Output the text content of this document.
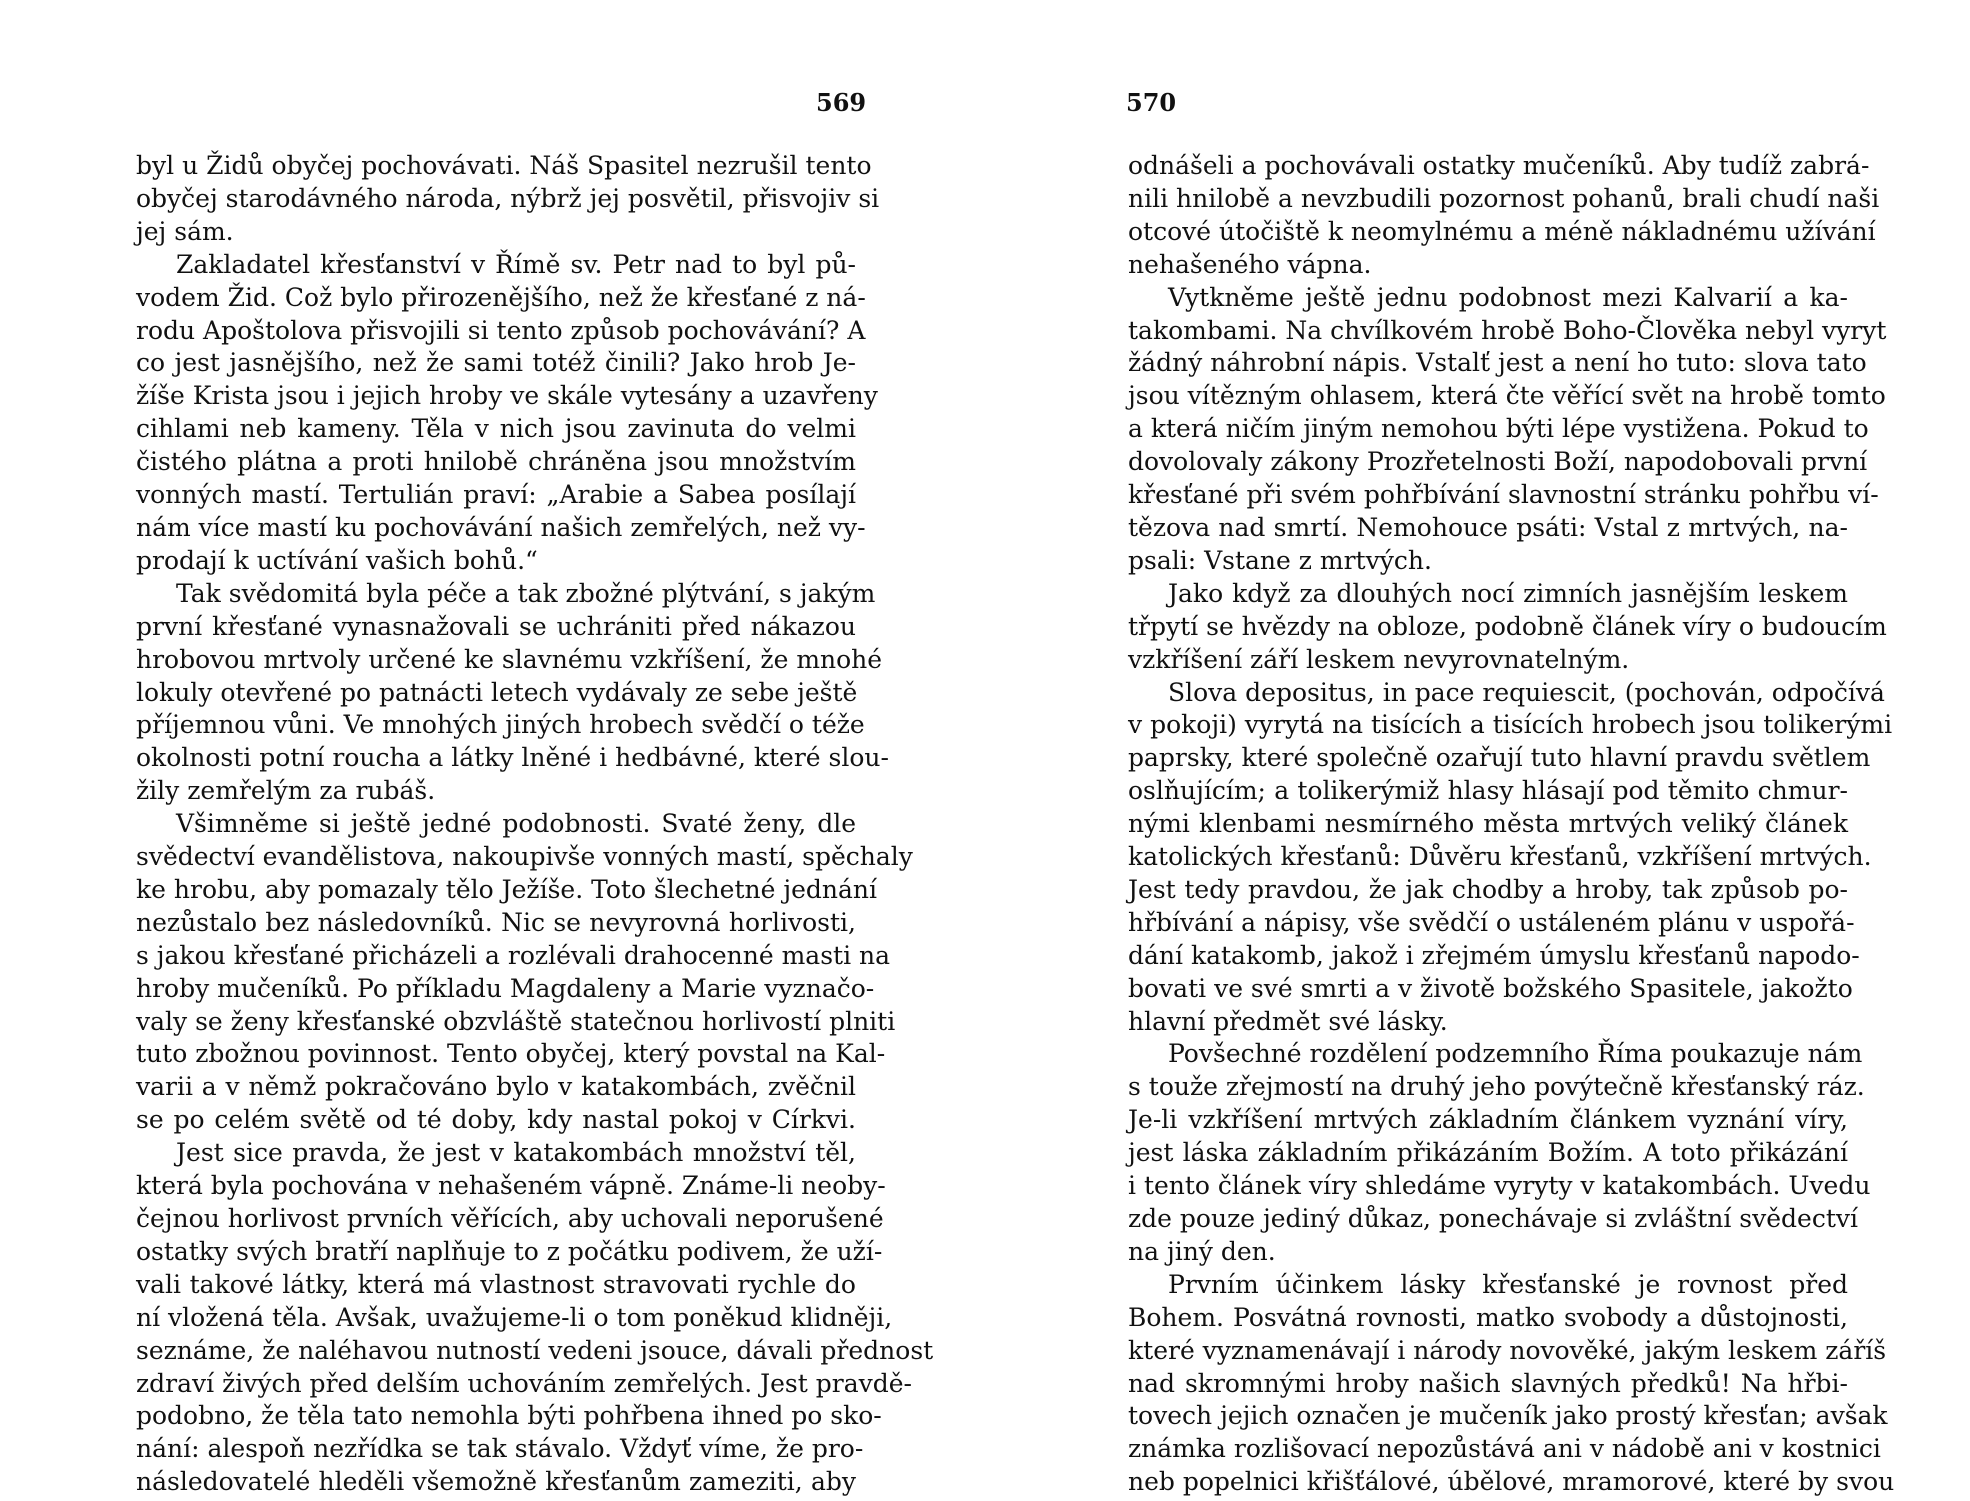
569
byl u Židů obyčej pochovávati. Náš Spasitel nezrušil tento
obyčej starodávného národa, nýbrž jej posvětil, přisvojiv si
jej sám.
Zakladatel křesťanství v Římě sv. Petr nad to byl pů-
vodem Žid. Což bylo přirozenějšího, než že křesťané z ná-
rodu Apoštolova přisvojili si tento způsob pochovávání? A
co jest jasnějšího, než že sami totéž činili? Jako hrob Je-
žíše Krista jsou i jejich hroby ve skále vytesány a uzavřeny
cihlami neb kameny. Těla v nich jsou zavinuta do velmi
čistého plátna a proti hnilobě chráněna jsou množstvím
vonných mastí. Tertulián praví: „Arabie a Sabea posílají
nám více mastí ku pochovávání našich zemřelých, než vy-
prodají k uctívání vašich bohů.“
Tak svědomitá byla péče a tak zbožné plýtvání, s jakým
první křesťané vynasnažovali se uchrániti před nákazou
hrobovou mrtvoly určené ke slavnému vzkříšení, že mnohé
lokuly otevřené po patnácti letech vydávaly ze sebe ještě
příjemnou vůni. Ve mnohých jiných hrobech svědčí o téže
okolnosti potní roucha a látky lněné i hedbávné, které slou-
žily zemřelým za rubáš.
Všimněme si ještě jedné podobnosti. Svaté ženy, dle
svědectví evandělistova, nakoupivše vonných mastí, spěchaly
ke hrobu, aby pomazaly tělo Ježíše. Toto šlechetné jednání
nezůstalo bez následovníků. Nic se nevyrovná horlivosti,
s jakou křesťané přicházeli a rozlévali drahocenné masti na
hroby mučeníků. Po příkladu Magdaleny a Marie vyznačo-
valy se ženy křesťanské obzvláště statečnou horlivostí plniti
tuto zbožnou povinnost. Tento obyčej, který povstal na Kal-
varii a v němž pokračováno bylo v katakombách, zvěčnil
se po celém světě od té doby, kdy nastal pokoj v Církvi.
Jest sice pravda, že jest v katakombách množství těl,
která byla pochována v nehašeném vápně. Známe-li neoby-
čejnou horlivost prvních věřících, aby uchovali neporušené
ostatky svých bratří naplňuje to z počátku podivem, že uží-
vali takové látky, která má vlastnost stravovati rychle do
ní vložená těla. Avšak, uvažujeme-li o tom poněkud klidněji,
seznáme, že naléhavou nutností vedeni jsouce, dávali přednost
zdraví živých před delším uchováním zemřelých. Jest pravdě-
podobno, že těla tato nemohla býti pohřbena ihned po sko-
nání: alespoň nezřídka se tak stávalo. Vždyť víme, že pro-
následovatelé hleděli všemožně křesťanům zameziti, aby
570
odnášeli a pochovávali ostatky mučeníků. Aby tudíž zabrá-
nili hnilobě a nevzbudili pozornost pohanů, brali chudí naši
otcové útočiště k neomylnému a méně nákladnému užívání
nehašeného vápna.
Vytkněme ještě jednu podobnost mezi Kalvarií a ka-
takombami. Na chvílkovém hrobě Boho-Člověka nebyl vyryt
žádný náhrobní nápis. Vstalť jest a není ho tuto: slova tato
jsou vítězným ohlasem, která čte věřící svět na hrobě tomto
a která ničím jiným nemohou býti lépe vystižena. Pokud to
dovolovaly zákony Prozřetelnosti Boží, napodobovali první
křesťané při svém pohřbívání slavnostní stránku pohřbu ví-
tězova nad smrtí. Nemohouce psáti: Vstal z mrtvých, na-
psali: Vstane z mrtvých.
Jako když za dlouhých nocí zimních jasnějším leskem
třpytí se hvězdy na obloze, podobně článek víry o budoucím
vzkříšení září leskem nevyrovnatelným.
Slova depositus, in pace requiescit, (pochován, odpočívá
v pokoji) vyrytá na tisících a tisících hrobech jsou tolikerými
paprsky, které společně ozařují tuto hlavní pravdu světlem
oslňujícím; a tolikerýmiž hlasy hlásají pod těmito chmur-
nými klenbami nesmírného města mrtvých veliký článek
katolických křesťanů: Důvěru křesťanů, vzkříšení mrtvých.
Jest tedy pravdou, že jak chodby a hroby, tak způsob po-
hřbívání a nápisy, vše svědčí o ustáleném plánu v uspořá-
dání katakomb, jakož i zřejmém úmyslu křesťanů napodo-
bovati ve své smrti a v životě božského Spasitele, jakožto
hlavní předmět své lásky.
Povšechné rozdělení podzemního Říma poukazuje nám
s touže zřejmostí na druhý jeho povýtečně křesťanský ráz.
Je-li vzkříšení mrtvých základním článkem vyznání víry,
jest láska základním přikázáním Božím. A toto přikázání
i tento článek víry shledáme vyryty v katakombách. Uvedu
zde pouze jediný důkaz, ponechávaje si zvláštní svědectví
na jiný den.
Prvním účinkem lásky křesťanské je rovnost před
Bohem. Posvátná rovnosti, matko svobody a důstojnosti,
které vyznamenávají i národy novověké, jakým leskem záříš
nad skromnými hroby našich slavných předků! Na hřbi-
tovech jejich označen je mučeník jako prostý křesťan; avšak
známka rozlišovací nepozůstává ani v nádobě ani v kostnici
neb popelnici křišťálové, úbělové, mramorové, které by svou
